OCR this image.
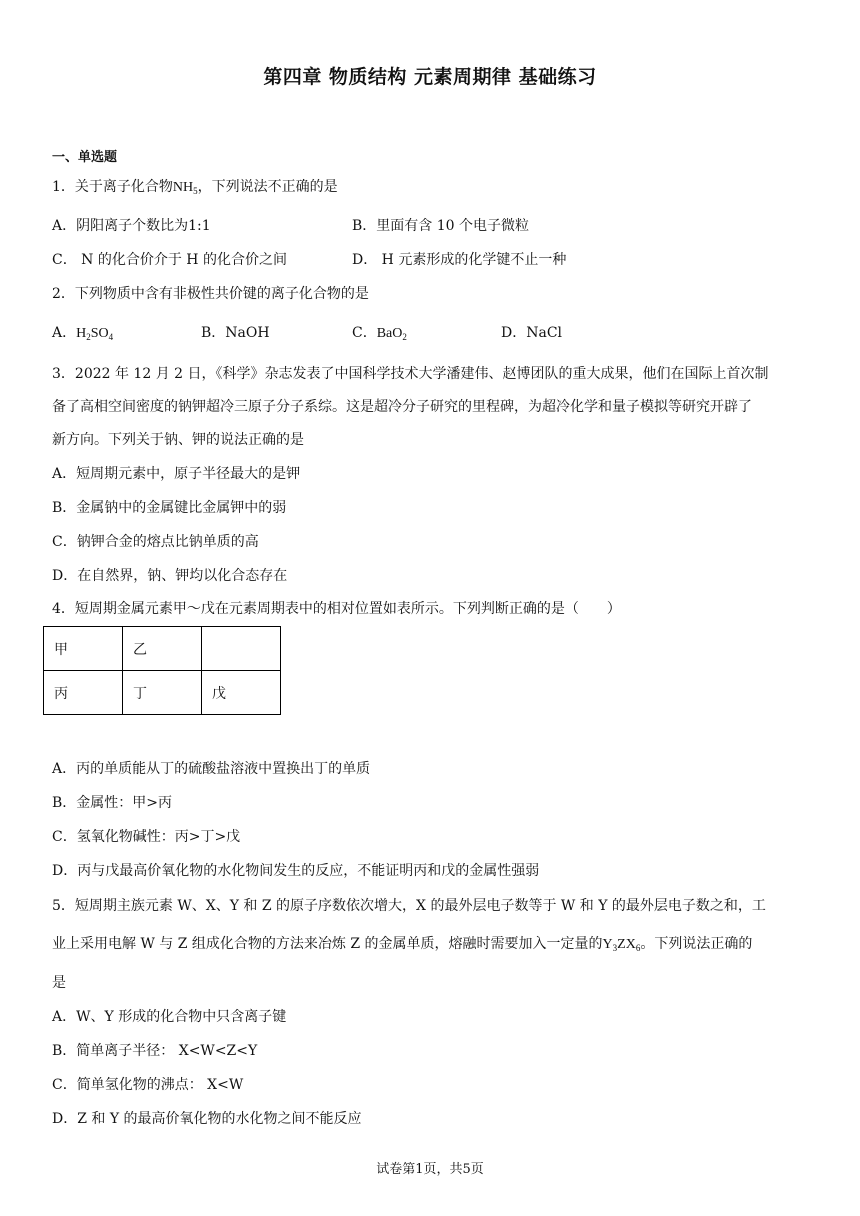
第四章 物质结构 元素周期律 基础练习
一、单选题
1．关于离子化合物$NH_5$，下列说法不正确的是
A．阴阳离子个数比为1:1	B．里面有含 10 个电子微粒
C． N 的化合价介于 H 的化合价之间	D． H 元素形成的化学键不止一种
2．下列物质中含有非极性共价键的离子化合物的是
A．$H_2SO_4$	B．NaOH	C．BaO$_2$	D．NaCl
3．2022 年 12 月 2 日，《科学》杂志发表了中国科学技术大学潘建伟、赵博团队的重大成果，他们在国际上首次制
备了高相空间密度的钠钾超冷三原子分子系综。这是超冷分子研究的里程碑，为超冷化学和量子模拟等研究开辟了
新方向。下列关于钠、钾的说法正确的是
A．短周期元素中，原子半径最大的是钾
B．金属钠中的金属键比金属钾中的弱
C．钠钾合金的熔点比钠单质的高
D．在自然界，钠、钾均以化合态存在
4．短周期金属元素甲～戊在元素周期表中的相对位置如表所示。下列判断正确的是（　　）
甲	乙	
丙	丁	戊
A．丙的单质能从丁的硫酸盐溶液中置换出丁的单质
B．金属性：甲>丙
C．氢氧化物碱性：丙>丁>戊
D．丙与戊最高价氧化物的水化物间发生的反应，不能证明丙和戊的金属性强弱
5．短周期主族元素 W、X、Y 和 Z 的原子序数依次增大，X 的最外层电子数等于 W 和 Y 的最外层电子数之和，工
业上采用电解 W 与 Z 组成化合物的方法来冶炼 Z 的金属单质，熔融时需要加入一定量的$Y_3ZX_6$。下列说法正确的
是
A．W、Y 形成的化合物中只含离子键
B．简单离子半径： X<W<Z<Y
C．简单氢化物的沸点： X<W
D．Z 和 Y 的最高价氧化物的水化物之间不能反应
试卷第1页，共5页
